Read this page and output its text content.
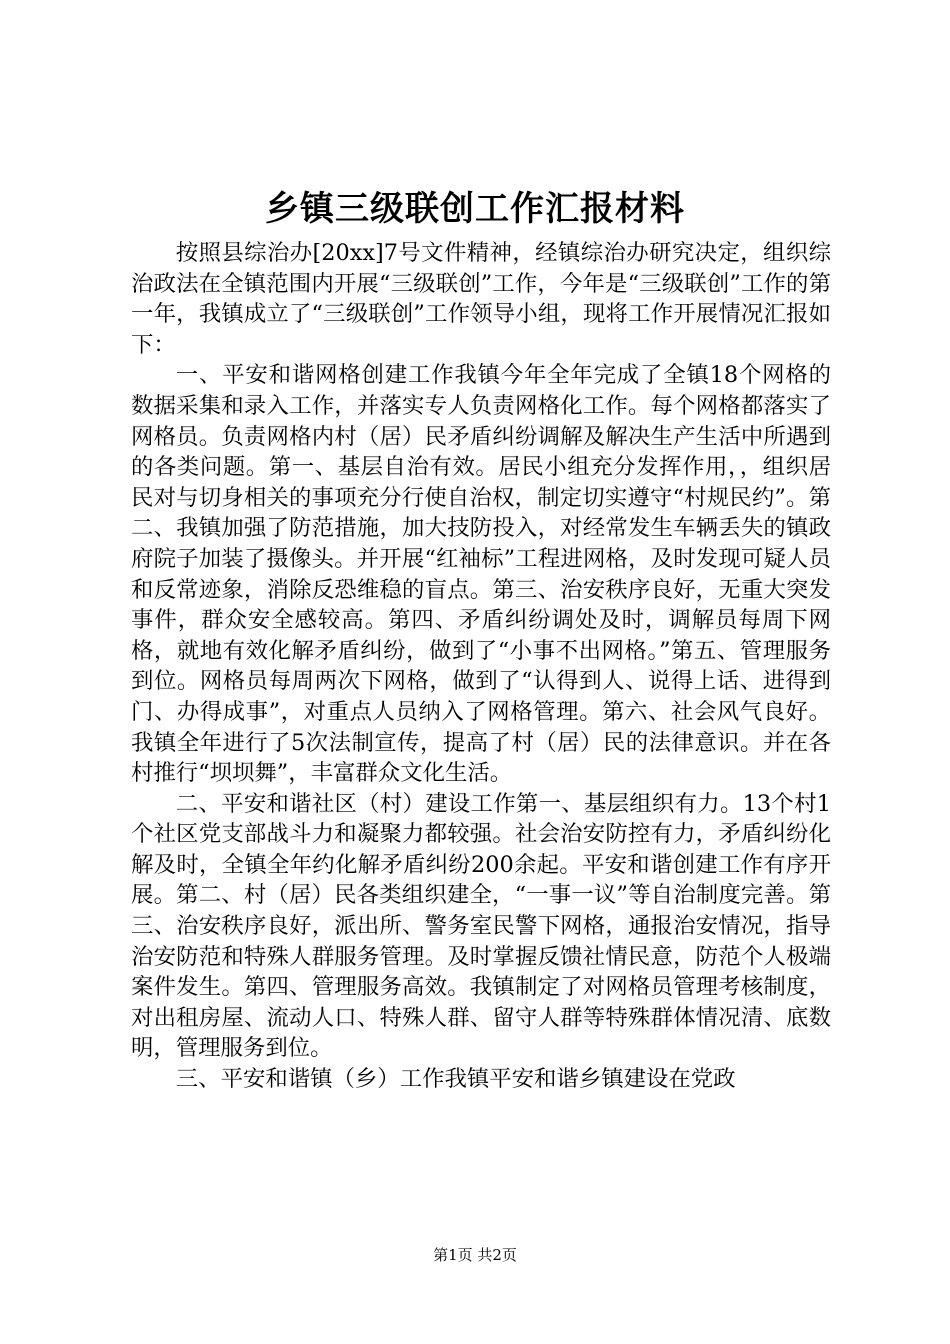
乡镇三级联创工作汇报材料

按照县综治办[20xx]7号文件精神，经镇综治办研究决定，组织综治政法在全镇范围内开展“三级联创”工作，今年是“三级联创”工作的第一年，我镇成立了“三级联创”工作领导小组，现将工作开展情况汇报如下：

一、平安和谐网格创建工作我镇今年全年完成了全镇18个网格的数据采集和录入工作，并落实专人负责网格化工作。每个网格都落实了网格员。负责网格内村（居）民矛盾纠纷调解及解决生产生活中所遇到的各类问题。第一、基层自治有效。居民小组充分发挥作用，，组织居民对与切身相关的事项充分行使自治权，制定切实遵守“村规民约”。第二、我镇加强了防范措施，加大技防投入，对经常发生车辆丢失的镇政府院子加装了摄像头。并开展“红袖标”工程进网格，及时发现可疑人员和反常迹象，消除反恐维稳的盲点。第三、治安秩序良好，无重大突发事件，群众安全感较高。第四、矛盾纠纷调处及时，调解员每周下网格，就地有效化解矛盾纠纷，做到了“小事不出网格。”第五、管理服务到位。网格员每周两次下网格，做到了“认得到人、说得上话、进得到门、办得成事”，对重点人员纳入了网格管理。第六、社会风气良好。我镇全年进行了5次法制宣传，提高了村（居）民的法律意识。并在各村推行“坝坝舞”，丰富群众文化生活。

二、平安和谐社区（村）建设工作第一、基层组织有力。13个村1个社区党支部战斗力和凝聚力都较强。社会治安防控有力，矛盾纠纷化解及时，全镇全年约化解矛盾纠纷200余起。平安和谐创建工作有序开展。第二、村（居）民各类组织建全，“一事一议”等自治制度完善。第三、治安秩序良好，派出所、警务室民警下网格，通报治安情况，指导治安防范和特殊人群服务管理。及时掌握反馈社情民意，防范个人极端案件发生。第四、管理服务高效。我镇制定了对网格员管理考核制度，对出租房屋、流动人口、特殊人群、留守人群等特殊群体情况清、底数明，管理服务到位。

三、平安和谐镇（乡）工作我镇平安和谐乡镇建设在党政

第1页 共2页
